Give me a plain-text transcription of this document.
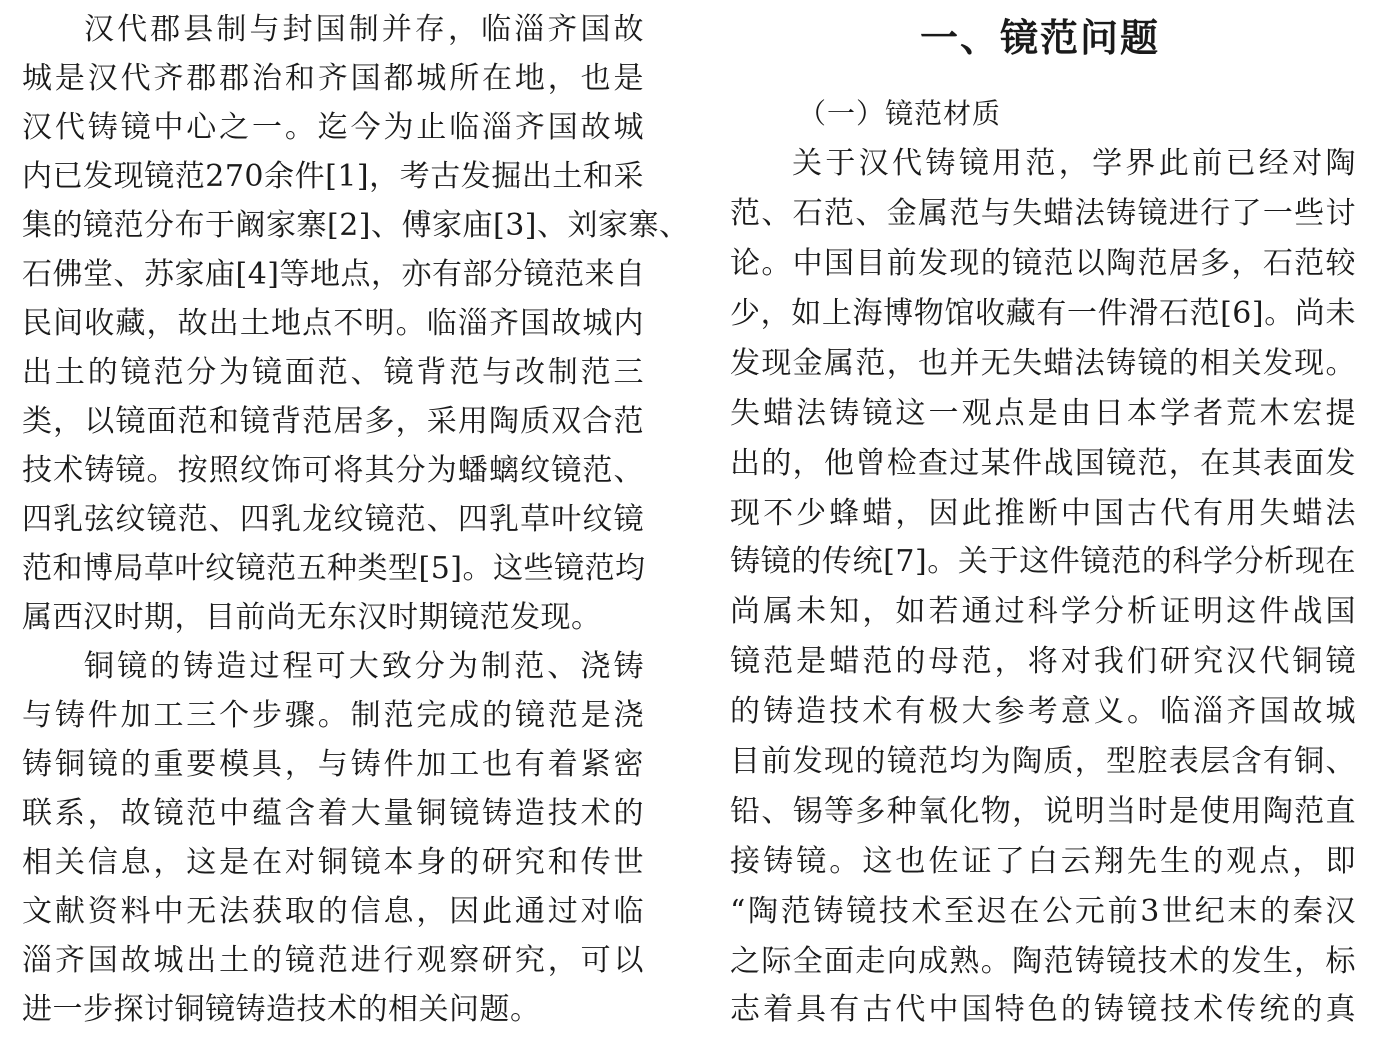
汉代郡县制与封国制并存，临淄齐国故
城是汉代齐郡郡治和齐国都城所在地，也是
汉代铸镜中心之一。迄今为止临淄齐国故城
内已发现镜范270余件[1]，考古发掘出土和采
集的镜范分布于阚家寨[2]、傅家庙[3]、刘家寨、
石佛堂、苏家庙[4]等地点，亦有部分镜范来自
民间收藏，故出土地点不明。临淄齐国故城内
出土的镜范分为镜面范、镜背范与改制范三
类，以镜面范和镜背范居多，采用陶质双合范
技术铸镜。按照纹饰可将其分为蟠螭纹镜范、
四乳弦纹镜范、四乳龙纹镜范、四乳草叶纹镜
范和博局草叶纹镜范五种类型[5]。这些镜范均
属西汉时期，目前尚无东汉时期镜范发现。
铜镜的铸造过程可大致分为制范、浇铸
与铸件加工三个步骤。制范完成的镜范是浇
铸铜镜的重要模具，与铸件加工也有着紧密
联系，故镜范中蕴含着大量铜镜铸造技术的
相关信息，这是在对铜镜本身的研究和传世
文献资料中无法获取的信息，因此通过对临
淄齐国故城出土的镜范进行观察研究，可以
进一步探讨铜镜铸造技术的相关问题。
一、镜范问题
（一）镜范材质
关于汉代铸镜用范，学界此前已经对陶
范、石范、金属范与失蜡法铸镜进行了一些讨
论。中国目前发现的镜范以陶范居多，石范较
少，如上海博物馆收藏有一件滑石范[6]。尚未
发现金属范，也并无失蜡法铸镜的相关发现。
失蜡法铸镜这一观点是由日本学者荒木宏提
出的，他曾检查过某件战国镜范，在其表面发
现不少蜂蜡，因此推断中国古代有用失蜡法
铸镜的传统[7]。关于这件镜范的科学分析现在
尚属未知，如若通过科学分析证明这件战国
镜范是蜡范的母范，将对我们研究汉代铜镜
的铸造技术有极大参考意义。临淄齐国故城
目前发现的镜范均为陶质，型腔表层含有铜、
铅、锡等多种氧化物，说明当时是使用陶范直
接铸镜。这也佐证了白云翔先生的观点，即
“陶范铸镜技术至迟在公元前3世纪末的秦汉
之际全面走向成熟。陶范铸镜技术的发生，标
志着具有古代中国特色的铸镜技术传统的真
